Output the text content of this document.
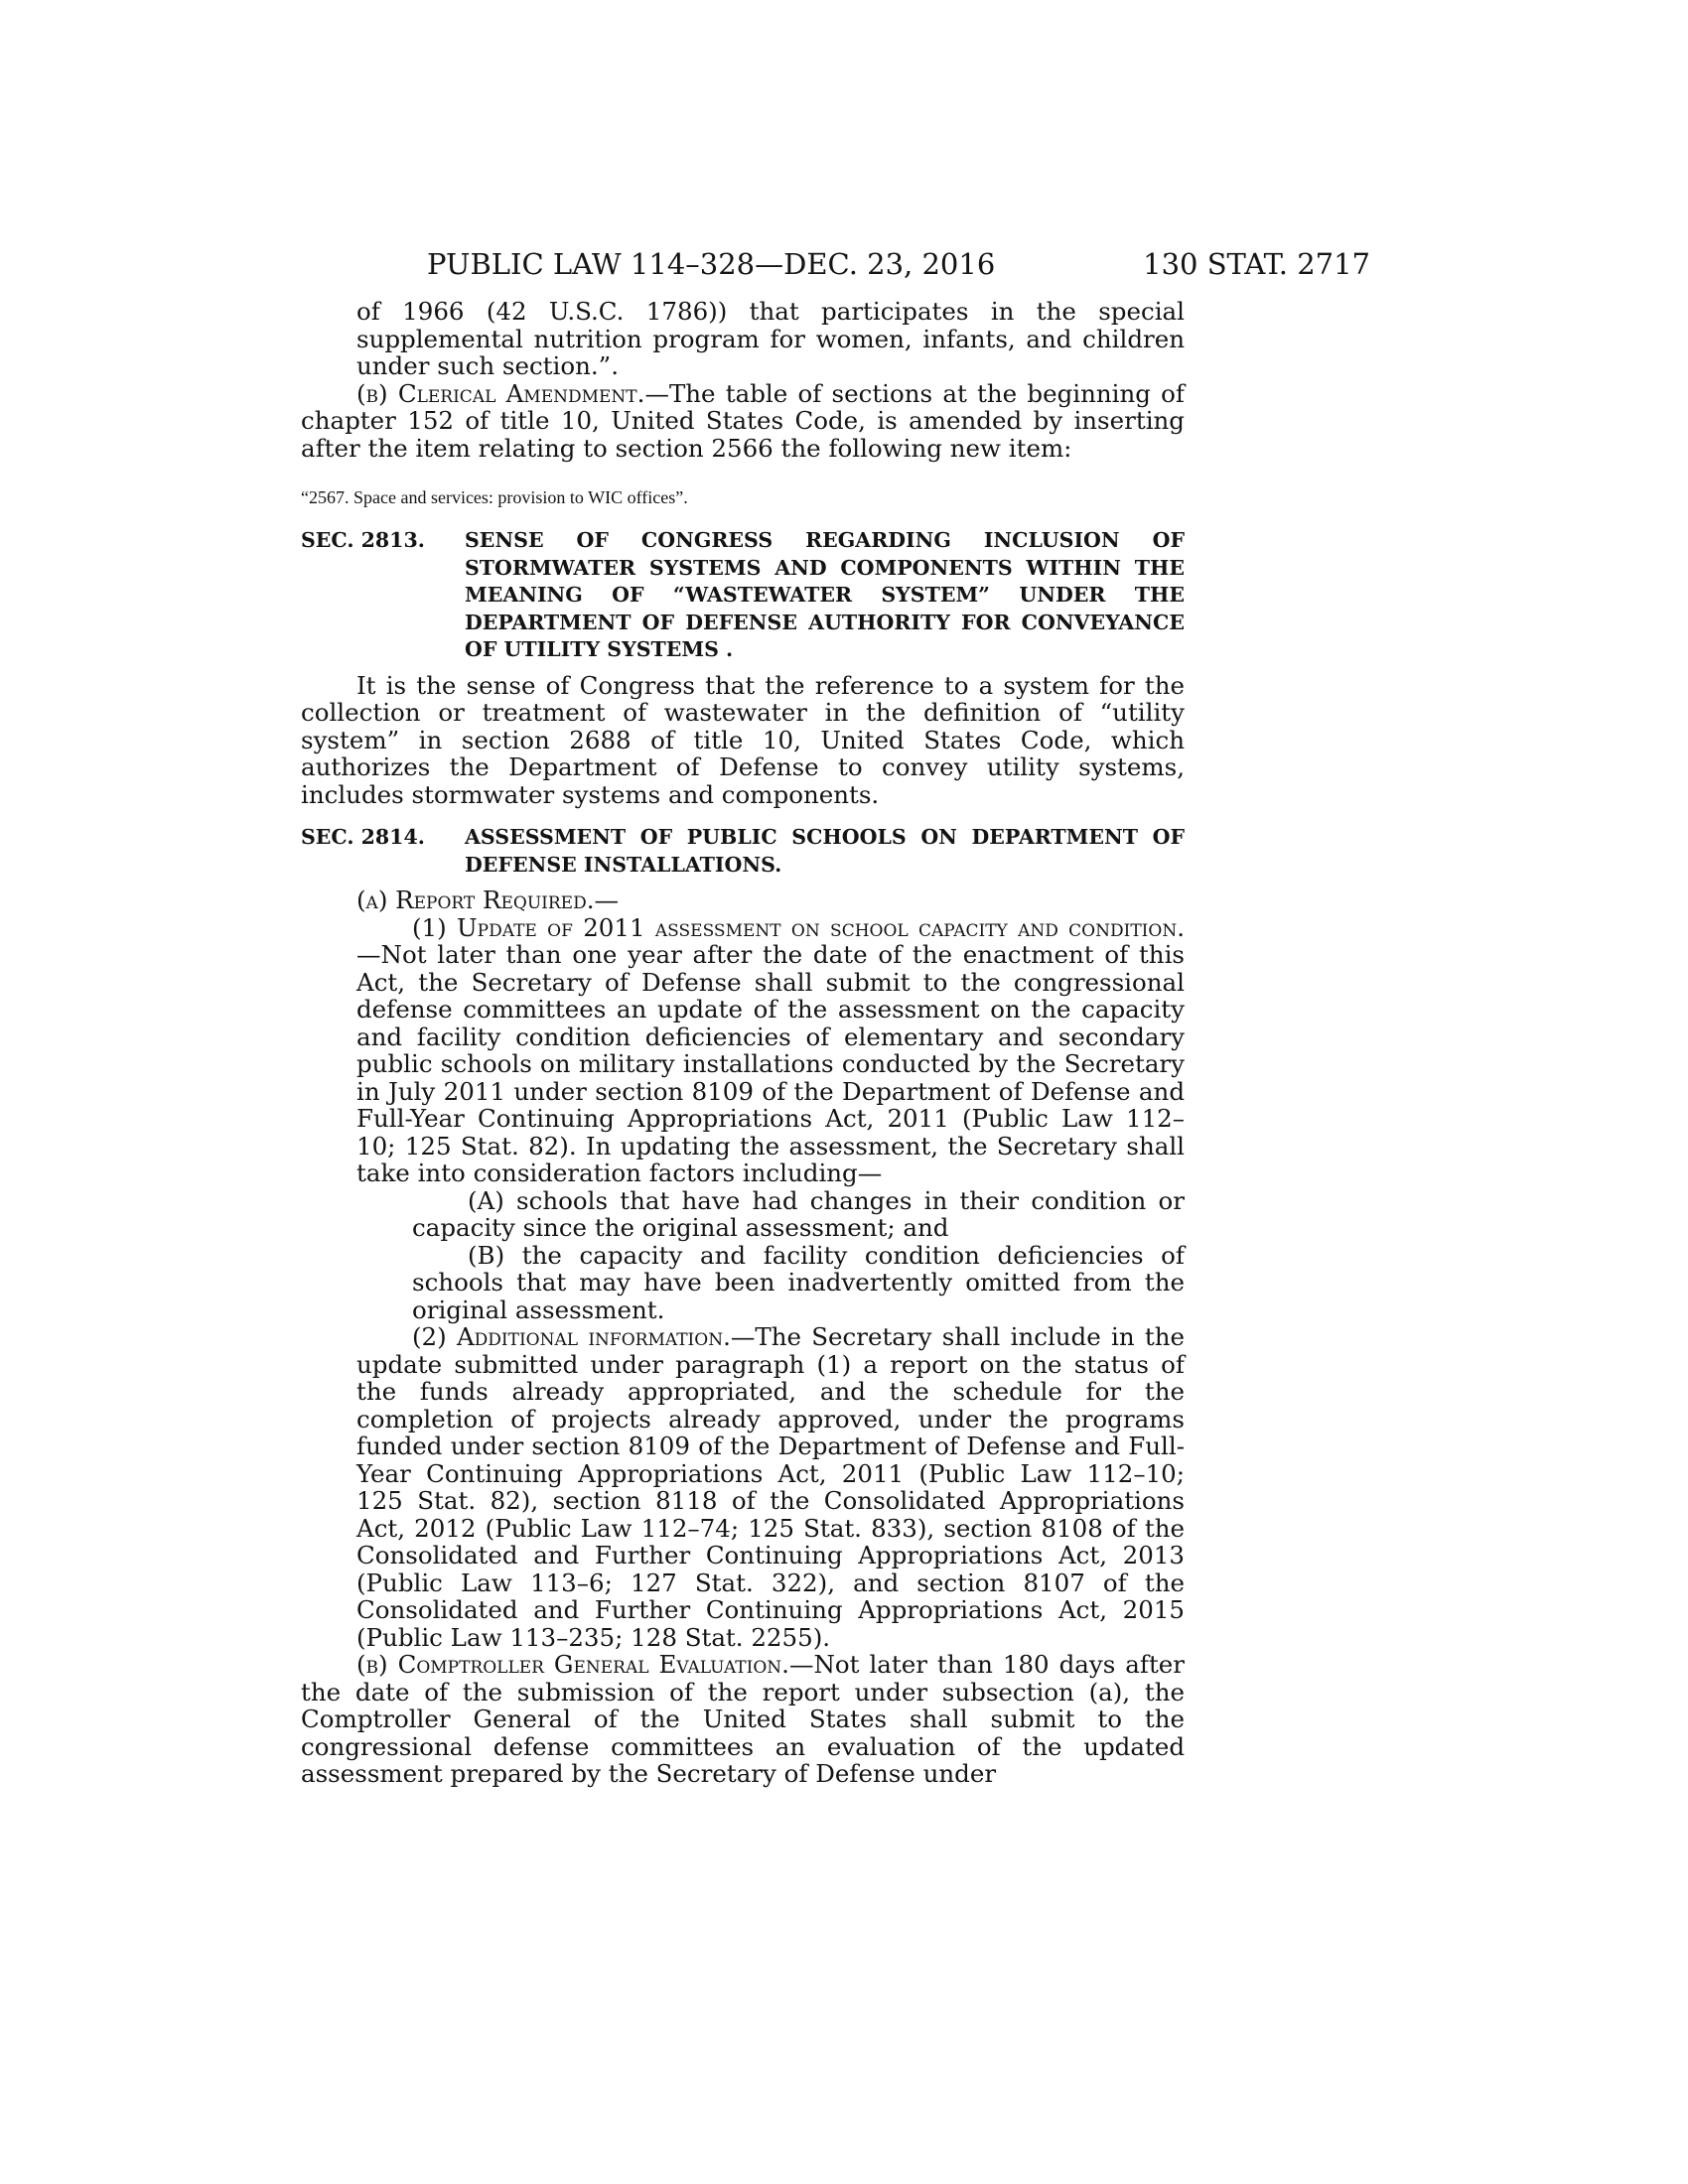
PUBLIC LAW 114–328—DEC. 23, 2016	130 STAT. 2717

of 1966 (42 U.S.C. 1786)) that participates in the special supplemental nutrition program for women, infants, and children under such section.”.

(b) Clerical Amendment.—The table of sections at the beginning of chapter 152 of title 10, United States Code, is amended by inserting after the item relating to section 2566 the following new item:

“2567. Space and services: provision to WIC offices”.

SEC. 2813.	SENSE OF CONGRESS REGARDING INCLUSION OF STORMWATER SYSTEMS AND COMPONENTS WITHIN THE MEANING OF “WASTEWATER SYSTEM” UNDER THE DEPARTMENT OF DEFENSE AUTHORITY FOR CONVEYANCE OF UTILITY SYSTEMS .

It is the sense of Congress that the reference to a system for the collection or treatment of wastewater in the definition of “utility system” in section 2688 of title 10, United States Code, which authorizes the Department of Defense to convey utility systems, includes stormwater systems and components.

SEC. 2814.	ASSESSMENT OF PUBLIC SCHOOLS ON DEPARTMENT OF DEFENSE INSTALLATIONS.

(a) Report Required.—

(1) Update of 2011 assessment on school capacity and condition.—Not later than one year after the date of the enactment of this Act, the Secretary of Defense shall submit to the congressional defense committees an update of the assessment on the capacity and facility condition deficiencies of elementary and secondary public schools on military installations conducted by the Secretary in July 2011 under section 8109 of the Department of Defense and Full-Year Continuing Appropriations Act, 2011 (Public Law 112–10; 125 Stat. 82). In updating the assessment, the Secretary shall take into consideration factors including—

(A) schools that have had changes in their condition or capacity since the original assessment; and

(B) the capacity and facility condition deficiencies of schools that may have been inadvertently omitted from the original assessment.

(2) Additional information.—The Secretary shall include in the update submitted under paragraph (1) a report on the status of the funds already appropriated, and the schedule for the completion of projects already approved, under the programs funded under section 8109 of the Department of Defense and Full-Year Continuing Appropriations Act, 2011 (Public Law 112–10; 125 Stat. 82), section 8118 of the Consolidated Appropriations Act, 2012 (Public Law 112–74; 125 Stat. 833), section 8108 of the Consolidated and Further Continuing Appropriations Act, 2013 (Public Law 113–6; 127 Stat. 322), and section 8107 of the Consolidated and Further Continuing Appropriations Act, 2015 (Public Law 113–235; 128 Stat. 2255).

(b) Comptroller General Evaluation.—Not later than 180 days after the date of the submission of the report under subsection (a), the Comptroller General of the United States shall submit to the congressional defense committees an evaluation of the updated assessment prepared by the Secretary of Defense under
